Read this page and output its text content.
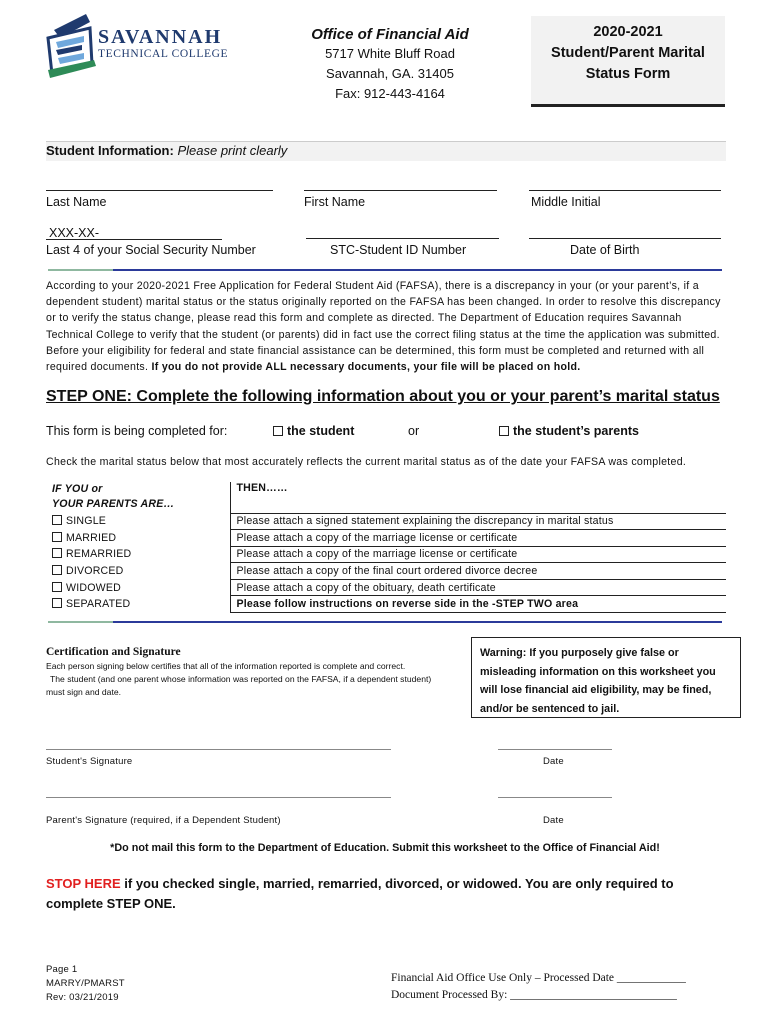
SAVANNAH
TECHNICAL COLLEGE
Office of Financial Aid
5717 White Bluff Road
Savannah, GA. 31405
Fax: 912-443-4164
2020-2021
Student/Parent Marital
Status Form
Student Information: Please print clearly
Last Name	First Name	Middle Initial
XXX-XX-
Last 4 of your Social Security Number	STC-Student ID Number	Date of Birth
According to your 2020-2021 Free Application for Federal Student Aid (FAFSA), there is a discrepancy in your (or your parent’s, if a dependent student) marital status or the status originally reported on the FAFSA has been changed. In order to resolve this discrepancy or to verify the status change, please read this form and complete as directed. The Department of Education requires Savannah Technical College to verify that the student (or parents) did in fact use the correct filing status at the time the application was submitted. Before your eligibility for federal and state financial assistance can be determined, this form must be completed and returned with all required documents. If you do not provide ALL necessary documents, your file will be placed on hold.
STEP ONE: Complete the following information about you or your parent’s marital status
This form is being completed for:	the student	or	the student’s parents
Check the marital status below that most accurately reflects the current marital status as of the date your FAFSA was completed.
IF YOU or
YOUR PARENTS ARE…	THEN……
SINGLE	Please attach a signed statement explaining the discrepancy in marital status
MARRIED	Please attach a copy of the marriage license or certificate
REMARRIED	Please attach a copy of the marriage license or certificate
DIVORCED	Please attach a copy of the final court ordered divorce decree
WIDOWED	Please attach a copy of the obituary, death certificate
SEPARATED	Please follow instructions on reverse side in the -STEP TWO area
Certification and Signature
Each person signing below certifies that all of the information reported is complete and correct.
The student (and one parent whose information was reported on the FAFSA, if a dependent student)
must sign and date.
Warning: If you purposely give false or misleading information on this worksheet you will lose financial aid eligibility, may be fined, and/or be sentenced to jail.
Student's Signature	Date
Parent's Signature (required, if a Dependent Student)	Date
*Do not mail this form to the Department of Education. Submit this worksheet to the Office of Financial Aid!
STOP HERE if you checked single, married, remarried, divorced, or widowed. You are only required to complete STEP ONE.
Page 1
MARRY/PMARST
Rev: 03/21/2019
Financial Aid Office Use Only – Processed Date ____________
Document Processed By: _____________________________
